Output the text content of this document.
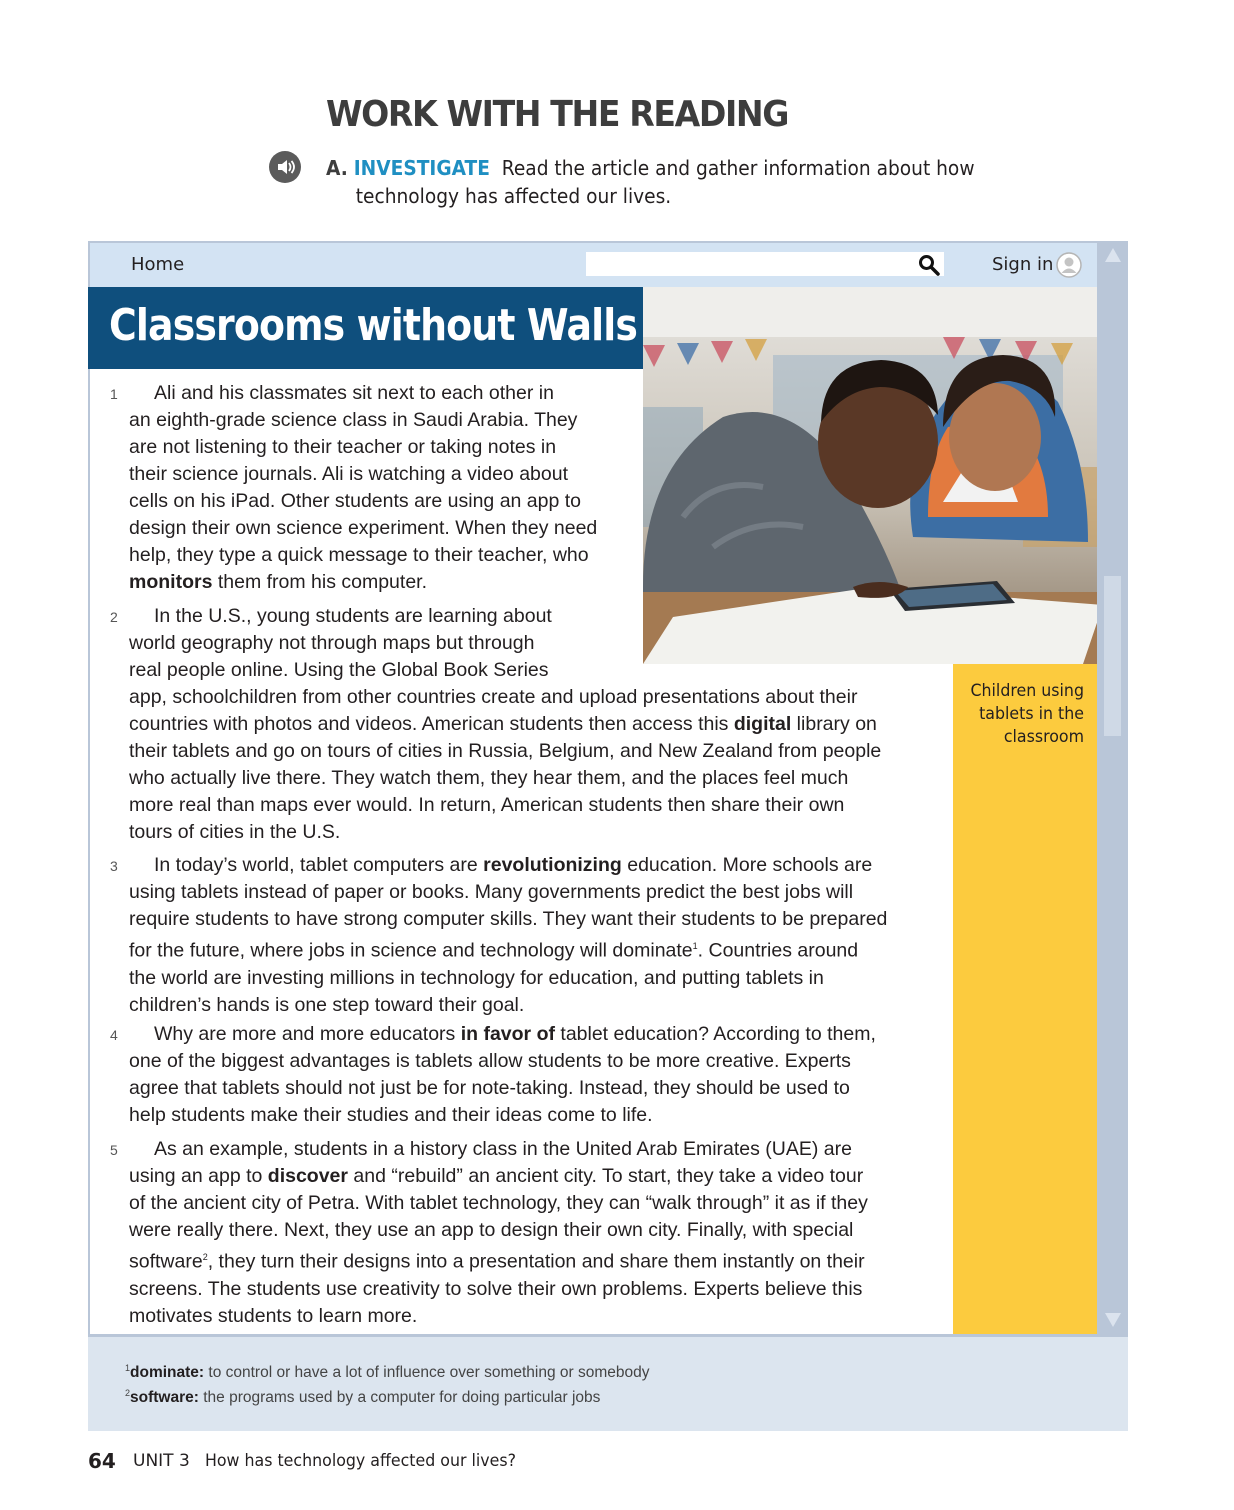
WORK WITH THE READING
A. INVESTIGATE Read the article and gather information about how
technology has affected our lives.
Home	Sign in
Children using tablets in the classroom
Classrooms without Walls
1
2
3
4
5
Ali and his classmates sit next to each other in
an eighth-grade science class in Saudi Arabia. They
are not listening to their teacher or taking notes in
their science journals. Ali is watching a video about
cells on his iPad. Other students are using an app to
design their own science experiment. When they need
help, they type a quick message to their teacher, who
monitors them from his computer.
In the U.S., young students are learning about
world geography not through maps but through
real people online. Using the Global Book Series
app, schoolchildren from other countries create and upload presentations about their
countries with photos and videos. American students then access this digital library on
their tablets and go on tours of cities in Russia, Belgium, and New Zealand from people
who actually live there. They watch them, they hear them, and the places feel much
more real than maps ever would. In return, American students then share their own
tours of cities in the U.S.
In today’s world, tablet computers are revolutionizing education. More schools are
using tablets instead of paper or books. Many governments predict the best jobs will
require students to have strong computer skills. They want their students to be prepared
for the future, where jobs in science and technology will dominate$^1$. Countries around
the world are investing millions in technology for education, and putting tablets in
children’s hands is one step toward their goal.
Why are more and more educators in favor of tablet education? According to them,
one of the biggest advantages is tablets allow students to be more creative. Experts
agree that tablets should not just be for note-taking. Instead, they should be used to
help students make their studies and their ideas come to life.
As an example, students in a history class in the United Arab Emirates (UAE) are
using an app to discover and “rebuild” an ancient city. To start, they take a video tour
of the ancient city of Petra. With tablet technology, they can “walk through” it as if they
were really there. Next, they use an app to design their own city. Finally, with special
software$^2$, they turn their designs into a presentation and share them instantly on their
screens. The students use creativity to solve their own problems. Experts believe this
motivates students to learn more.
$^1$dominate: to control or have a lot of influence over something or somebody
$^2$software: the programs used by a computer for doing particular jobs
64 UNIT 3 How has technology affected our lives?
